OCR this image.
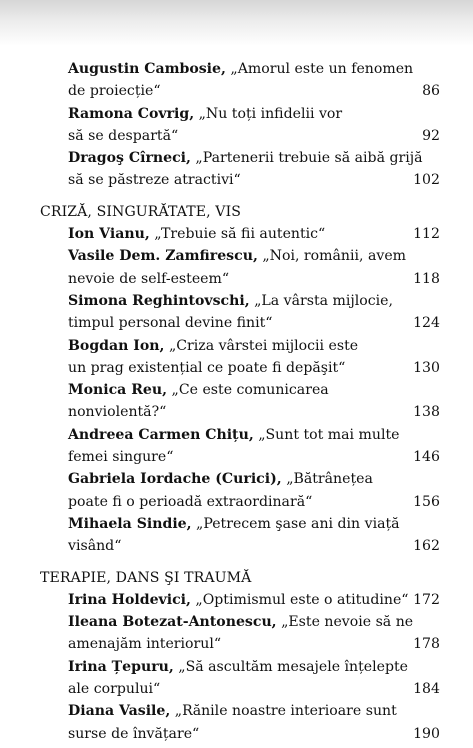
Augustin Cambosie, „Amorul este un fenomen
de proiecție“	86
Ramona Covrig, „Nu toți infidelii vor
să se despartă“	92
Dragoş Cîrneci, „Partenerii trebuie să aibă grijă
să se păstreze atractivi“	102
CRIZĂ, SINGURĂTATE, VIS
Ion Vianu, „Trebuie să fii autentic“	112
Vasile Dem. Zamfirescu, „Noi, românii, avem
nevoie de self-esteem“	118
Simona Reghintovschi, „La vârsta mijlocie,
timpul personal devine finit“	124
Bogdan Ion, „Criza vârstei mijlocii este
un prag existențial ce poate fi depăşit“	130
Monica Reu, „Ce este comunicarea
nonviolentă?“	138
Andreea Carmen Chițu, „Sunt tot mai multe
femei singure“	146
Gabriela Iordache (Curici), „Bătrânețea
poate fi o perioadă extraordinară“	156
Mihaela Sindie, „Petrecem şase ani din viață
visând“	162
TERAPIE, DANS ŞI TRAUMĂ
Irina Holdevici, „Optimismul este o atitudine“ 172
Ileana Botezat-Antonescu, „Este nevoie să ne
amenajăm interiorul“	178
Irina Țepuru, „Să ascultăm mesajele înțelepte
ale corpului“	184
Diana Vasile, „Rănile noastre interioare sunt
surse de învățare“	190
